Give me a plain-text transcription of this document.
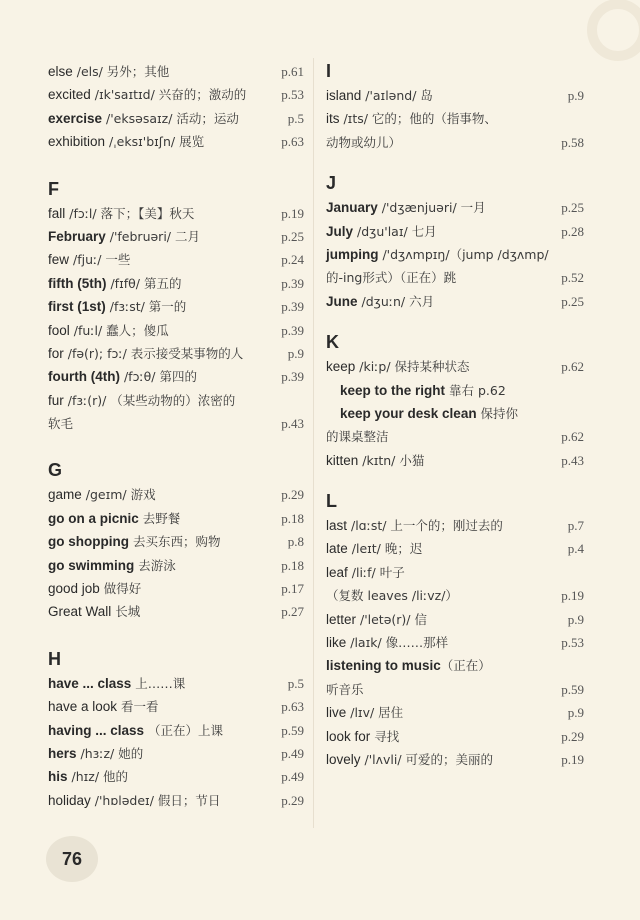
else /els/ 另外；其他	p.61
excited /ɪk'saɪtɪd/ 兴奋的；激动的	p.53
exercise /'eksəsaɪz/ 活动；运动	p.5
exhibition /ˌeksɪ'bɪʃn/ 展览	p.63
F
fall /fɔːl/ 落下；【美】秋天	p.19
February /'februəri/ 二月	p.25
few /fjuː/ 一些	p.24
fifth (5th) /fɪfθ/ 第五的	p.39
first (1st) /fɜːst/ 第一的	p.39
fool /fuːl/ 蠢人；傻瓜	p.39
for /fə(r); fɔː/ 表示接受某事物的人	p.9
fourth (4th) /fɔːθ/ 第四的	p.39
fur /fɜː(r)/ （某些动物的）浓密的
软毛	p.43
G
game /geɪm/ 游戏	p.29
go on a picnic 去野餐	p.18
go shopping 去买东西；购物	p.8
go swimming 去游泳	p.18
good job 做得好	p.17
Great Wall 长城	p.27
H
have ... class 上……课	p.5
have a look 看一看	p.63
having ... class （正在）上课	p.59
hers /hɜːz/ 她的	p.49
his /hɪz/ 他的	p.49
holiday /'hɒlədeɪ/ 假日；节日	p.29
I
island /'aɪlənd/ 岛	p.9
its /ɪts/ 它的；他的（指事物、
动物或幼儿）	p.58
J
January /'dʒænjuəri/ 一月	p.25
July /dʒu'laɪ/ 七月	p.28
jumping /'dʒʌmpɪŋ/（jump /dʒʌmp/
的-ing形式）（正在）跳	p.52
June /dʒuːn/ 六月	p.25
K
keep /kiːp/ 保持某种状态	p.62
keep to the right 靠右 p.62
keep your desk clean 保持你
的课桌整洁	p.62
kitten /kɪtn/ 小猫	p.43
L
last /lɑːst/ 上一个的；刚过去的	p.7
late /leɪt/ 晚；迟	p.4
leaf /liːf/ 叶子
（复数 leaves /liːvz/）	p.19
letter /'letə(r)/ 信	p.9
like /laɪk/ 像……那样	p.53
listening to music（正在）
听音乐	p.59
live /lɪv/ 居住	p.9
look for 寻找	p.29
lovely /'lʌvli/ 可爱的；美丽的	p.19
76
